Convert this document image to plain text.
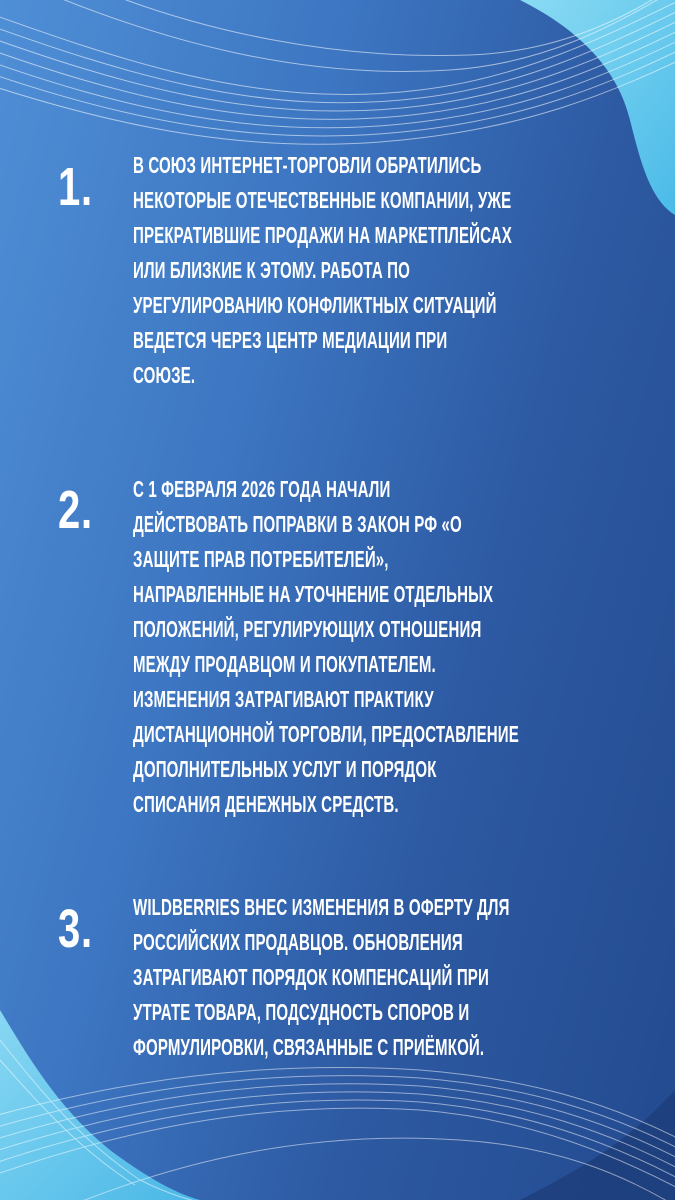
1. В СОЮЗ ИНТЕРНЕТ-ТОРГОВЛИ ОБРАТИЛИСЬ
НЕКОТОРЫЕ ОТЕЧЕСТВЕННЫЕ КОМПАНИИ, УЖЕ
ПРЕКРАТИВШИЕ ПРОДАЖИ НА МАРКЕТПЛЕЙСАХ
ИЛИ БЛИЗКИЕ К ЭТОМУ. РАБОТА ПО
УРЕГУЛИРОВАНИЮ КОНФЛИКТНЫХ СИТУАЦИЙ
ВЕДЕТСЯ ЧЕРЕЗ ЦЕНТР МЕДИАЦИИ ПРИ
СОЮЗЕ.
2. С 1 ФЕВРАЛЯ 2026 ГОДА НАЧАЛИ
ДЕЙСТВОВАТЬ ПОПРАВКИ В ЗАКОН РФ «О
ЗАЩИТЕ ПРАВ ПОТРЕБИТЕЛЕЙ»,
НАПРАВЛЕННЫЕ НА УТОЧНЕНИЕ ОТДЕЛЬНЫХ
ПОЛОЖЕНИЙ, РЕГУЛИРУЮЩИХ ОТНОШЕНИЯ
МЕЖДУ ПРОДАВЦОМ И ПОКУПАТЕЛЕМ.
ИЗМЕНЕНИЯ ЗАТРАГИВАЮТ ПРАКТИКУ
ДИСТАНЦИОННОЙ ТОРГОВЛИ, ПРЕДОСТАВЛЕНИЕ
ДОПОЛНИТЕЛЬНЫХ УСЛУГ И ПОРЯДОК
СПИСАНИЯ ДЕНЕЖНЫХ СРЕДСТВ.
3. WILDBERRIES ВНЕС ИЗМЕНЕНИЯ В ОФЕРТУ ДЛЯ
РОССИЙСКИХ ПРОДАВЦОВ. ОБНОВЛЕНИЯ
ЗАТРАГИВАЮТ ПОРЯДОК КОМПЕНСАЦИЙ ПРИ
УТРАТЕ ТОВАРА, ПОДСУДНОСТЬ СПОРОВ И
ФОРМУЛИРОВКИ, СВЯЗАННЫЕ С ПРИЁМКОЙ.
